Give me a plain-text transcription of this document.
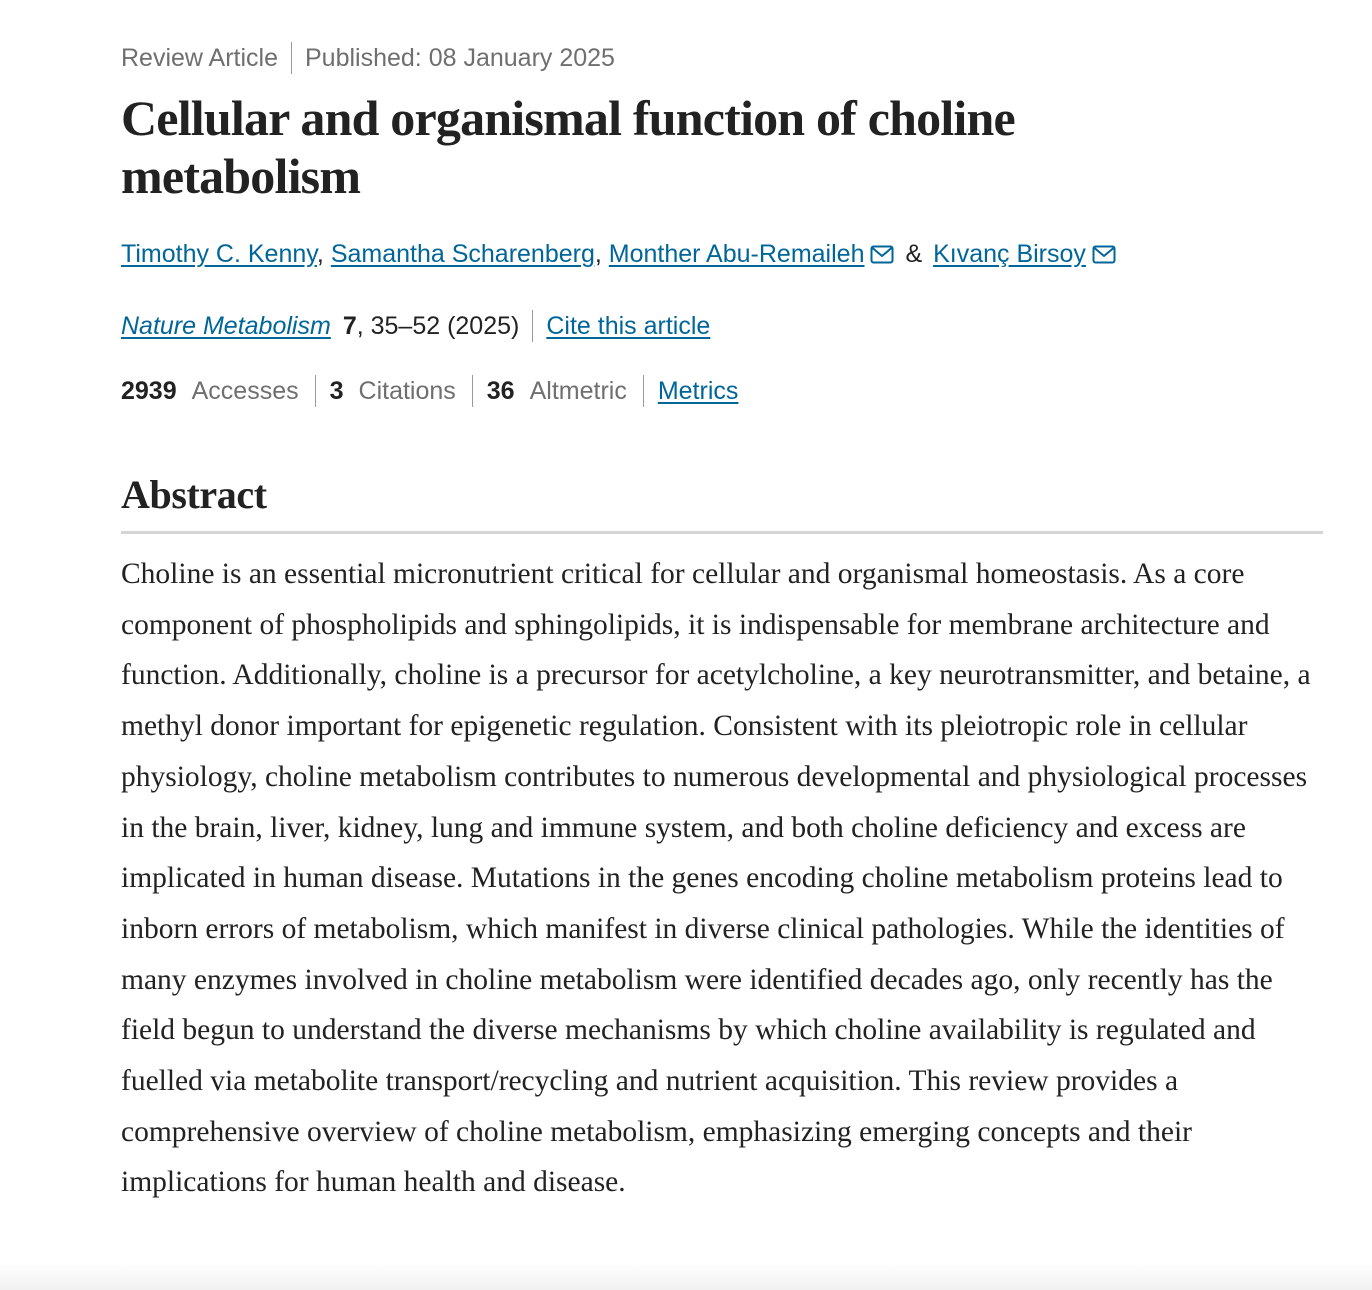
Review Article Published: 08 January 2025
Cellular and organismal function of choline metabolism
Timothy C. Kenny, Samantha Scharenberg, Monther Abu-Remaileh & Kıvanç Birsoy
Nature Metabolism 7 , 35–52 (2025) Cite this article
2939 Accesses 3 Citations 36 Altmetric Metrics
Abstract

Choline is an essential micronutrient critical for cellular and organismal homeostasis. As a core component of phospholipids and sphingolipids, it is indispensable for membrane architecture and function. Additionally, choline is a precursor for acetylcholine, a key neurotransmitter, and betaine, a methyl donor important for epigenetic regulation. Consistent with its pleiotropic role in cellular physiology, choline metabolism contributes to numerous developmental and physiological processes in the brain, liver, kidney, lung and immune system, and both choline deficiency and excess are implicated in human disease. Mutations in the genes encoding choline metabolism proteins lead to inborn errors of metabolism, which manifest in diverse clinical pathologies. While the identities of many enzymes involved in choline metabolism were identified decades ago, only recently has the field begun to understand the diverse mechanisms by which choline availability is regulated and fuelled via metabolite transport/recycling and nutrient acquisition. This review provides a comprehensive overview of choline metabolism, emphasizing emerging concepts and their implications for human health and disease.
